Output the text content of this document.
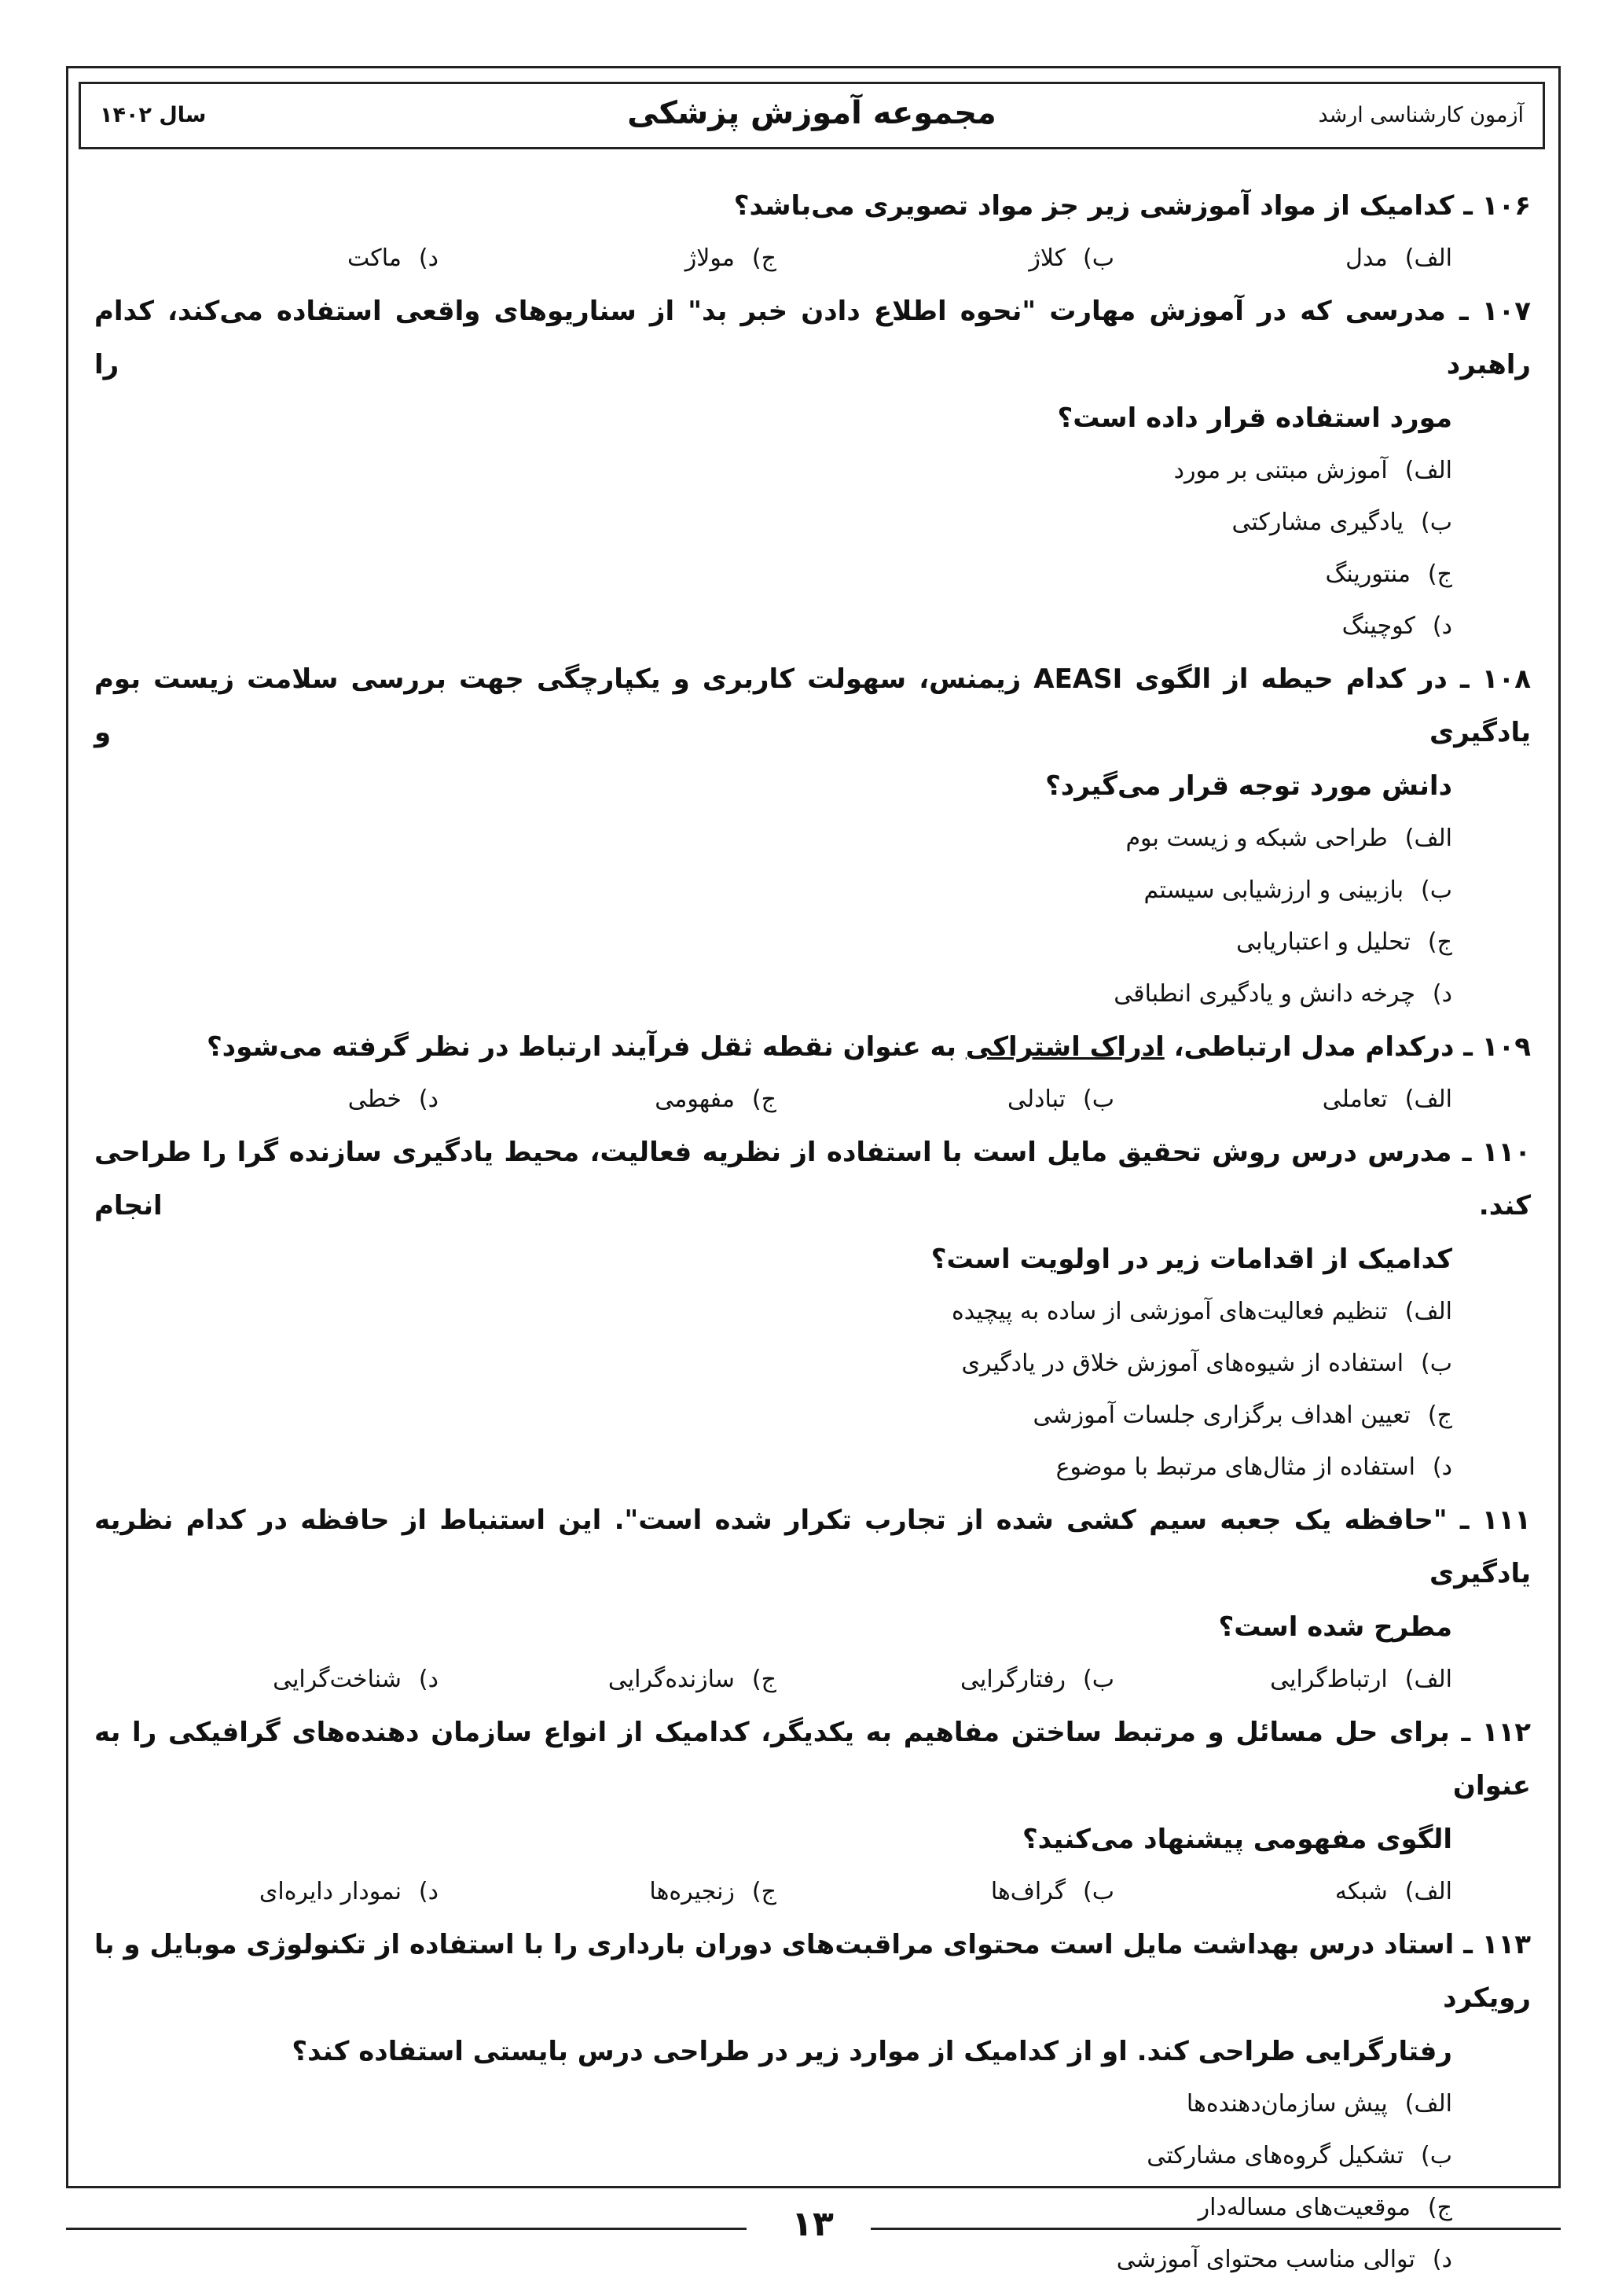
آزمون کارشناسی ارشد
مجموعه آموزش پزشکی
سال ۱۴۰۲
۱۰۶ ـ کدامیک از مواد آموزشی زیر جز مواد تصویری می‌باشد؟
الف)مدل
ب)کلاژ
ج)مولاژ
د)ماکت
۱۰۷ ـ مدرسی که در آموزش مهارت "نحوه اطلاع دادن خبر بد" از سناریوهای واقعی استفاده می‌کند، کدام راهبرد را
مورد استفاده قرار داده است؟
الف)آموزش مبتنی بر مورد
ب)یادگیری مشارکتی
ج)منتورینگ
د)کوچینگ
۱۰۸ ـ در کدام حیطه از الگوی AEASI زیمنس، سهولت کاربری و یکپارچگی جهت بررسی سلامت زیست بوم یادگیری و
دانش مورد توجه قرار می‌گیرد؟
الف)طراحی شبکه و زیست بوم
ب)بازبینی و ارزشیابی سیستم
ج)تحلیل و اعتباریابی
د)چرخه دانش و یادگیری انطباقی
۱۰۹ ـ درکدام مدل ارتباطی، ادراک اشتراکی به عنوان نقطه ثقل فرآیند ارتباط در نظر گرفته می‌شود؟
الف)تعاملی
ب)تبادلی
ج)مفهومی
د)خطی
۱۱۰ ـ مدرس درس روش تحقیق مایل است با استفاده از نظریه فعالیت، محیط یادگیری سازنده گرا را طراحی کند. انجام
کدامیک از اقدامات زیر در اولویت است؟
الف)تنظیم فعالیت‌های آموزشی از ساده به پیچیده
ب)استفاده از شیوه‌های آموزش خلاق در یادگیری
ج)تعیین اهداف برگزاری جلسات آموزشی
د)استفاده از مثال‌های مرتبط با موضوع
۱۱۱ ـ "حافظه یک جعبه سیم کشی شده از تجارب تکرار شده است". این استنباط از حافظه در کدام نظریه یادگیری
مطرح شده است؟
الف)ارتباط‌گرایی
ب)رفتارگرایی
ج)سازنده‌گرایی
د)شناخت‌گرایی
۱۱۲ ـ برای حل مسائل و مرتبط ساختن مفاهیم به یکدیگر، کدامیک از انواع سازمان دهنده‌های گرافیکی را به عنوان
الگوی مفهومی پیشنهاد می‌کنید؟
الف)شبکه
ب)گراف‌ها
ج)زنجیره‌ها
د)نمودار دایره‌ای
۱۱۳ ـ استاد درس بهداشت مایل است محتوای مراقبت‌های دوران بارداری را با استفاده از تکنولوژی موبایل و با رویکرد
رفتارگرایی طراحی کند. او از کدامیک از موارد زیر در طراحی درس بایستی استفاده کند؟
الف)پیش سازمان‌دهنده‌ها
ب)تشکیل گروه‌های مشارکتی
ج)موقعیت‌های مساله‌دار
د)توالی مناسب محتوای آموزشی
۱۳
